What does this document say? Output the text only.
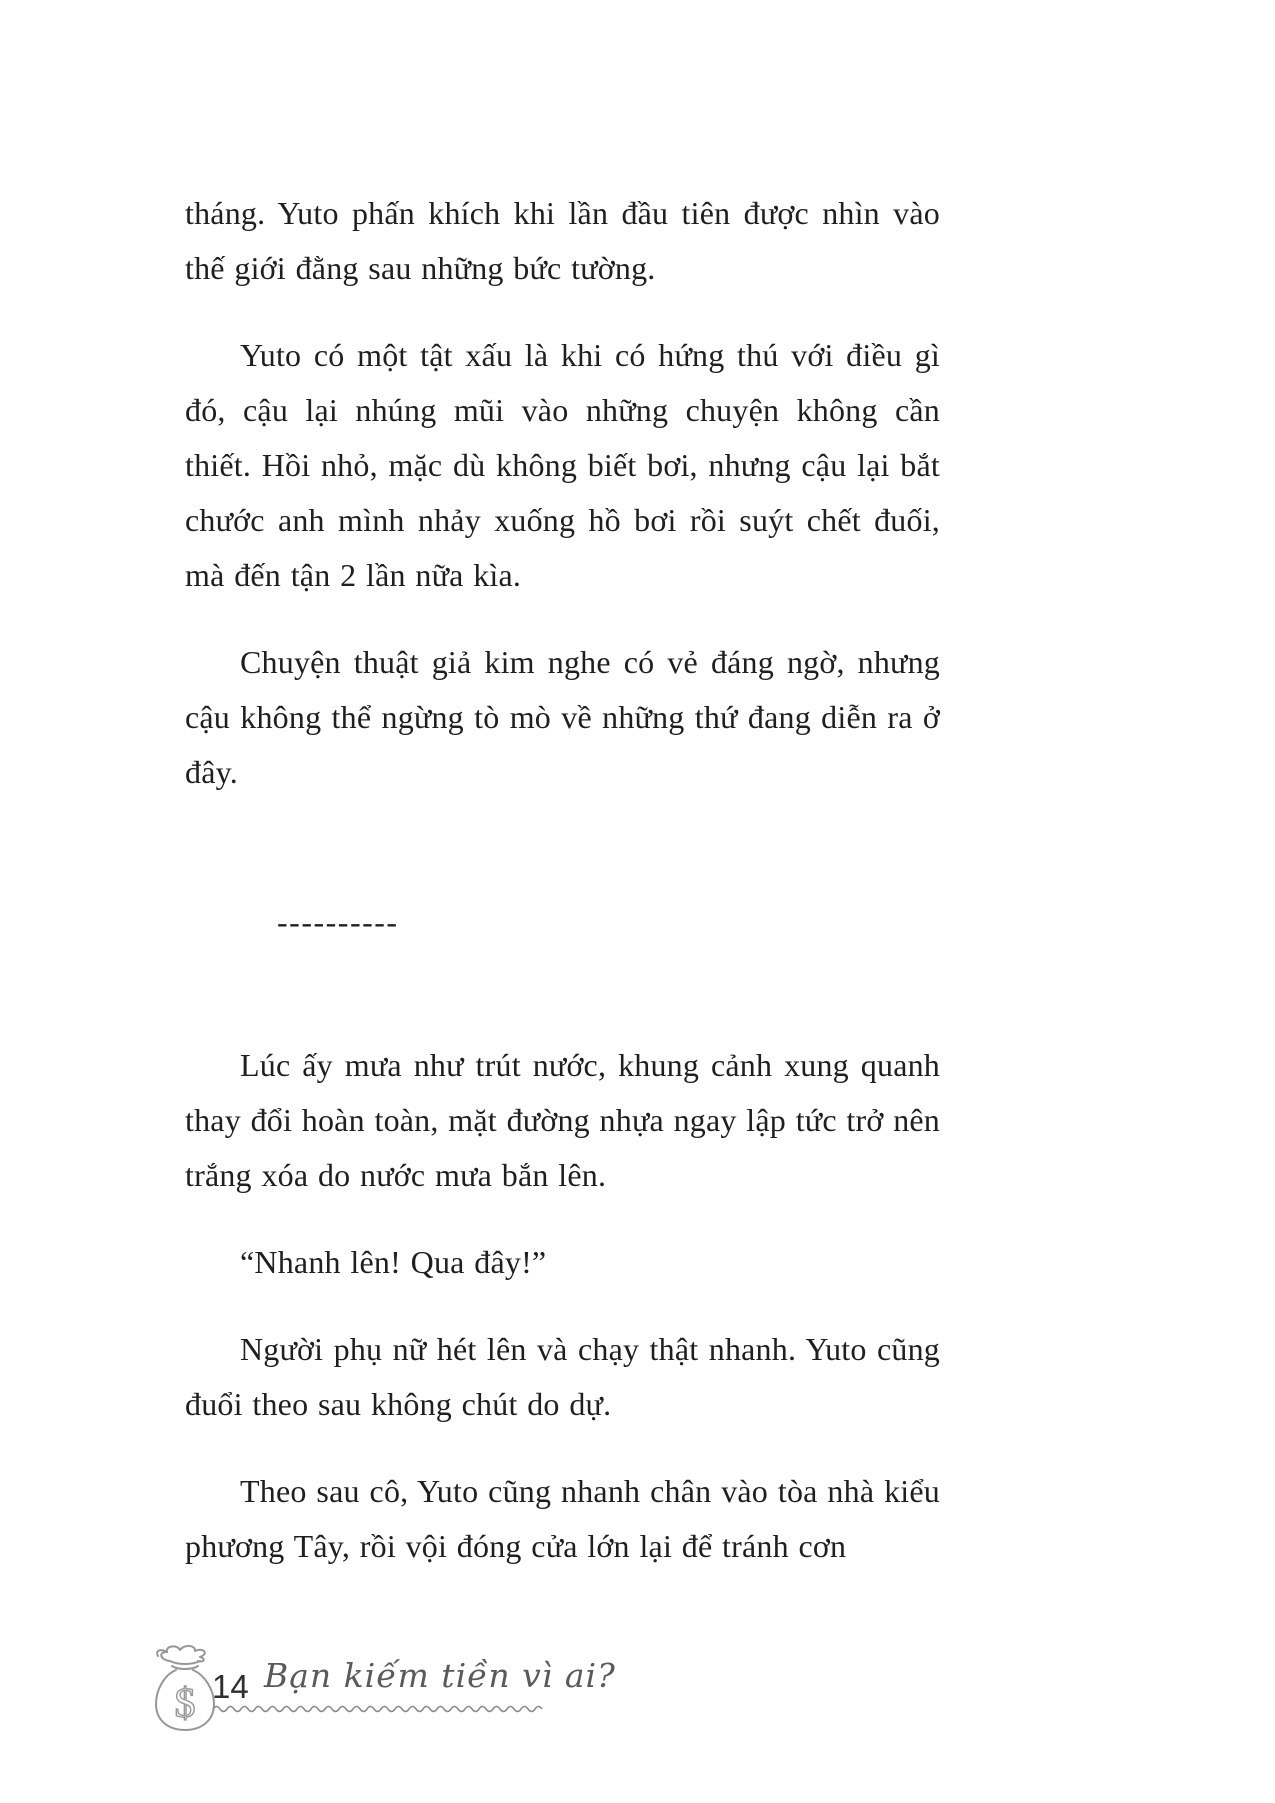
tháng. Yuto phấn khích khi lần đầu tiên được nhìn vào thế giới đằng sau những bức tường.

Yuto có một tật xấu là khi có hứng thú với điều gì đó, cậu lại nhúng mũi vào những chuyện không cần thiết. Hồi nhỏ, mặc dù không biết bơi, nhưng cậu lại bắt chước anh mình nhảy xuống hồ bơi rồi suýt chết đuối, mà đến tận 2 lần nữa kìa.

Chuyện thuật giả kim nghe có vẻ đáng ngờ, nhưng cậu không thể ngừng tò mò về những thứ đang diễn ra ở đây.

----------

Lúc ấy mưa như trút nước, khung cảnh xung quanh thay đổi hoàn toàn, mặt đường nhựa ngay lập tức trở nên trắng xóa do nước mưa bắn lên.

“Nhanh lên! Qua đây!”

Người phụ nữ hét lên và chạy thật nhanh. Yuto cũng đuổi theo sau không chút do dự.

Theo sau cô, Yuto cũng nhanh chân vào tòa nhà kiểu phương Tây, rồi vội đóng cửa lớn lại để tránh cơn

$ 14 Bạn kiếm tiền vì ai?
